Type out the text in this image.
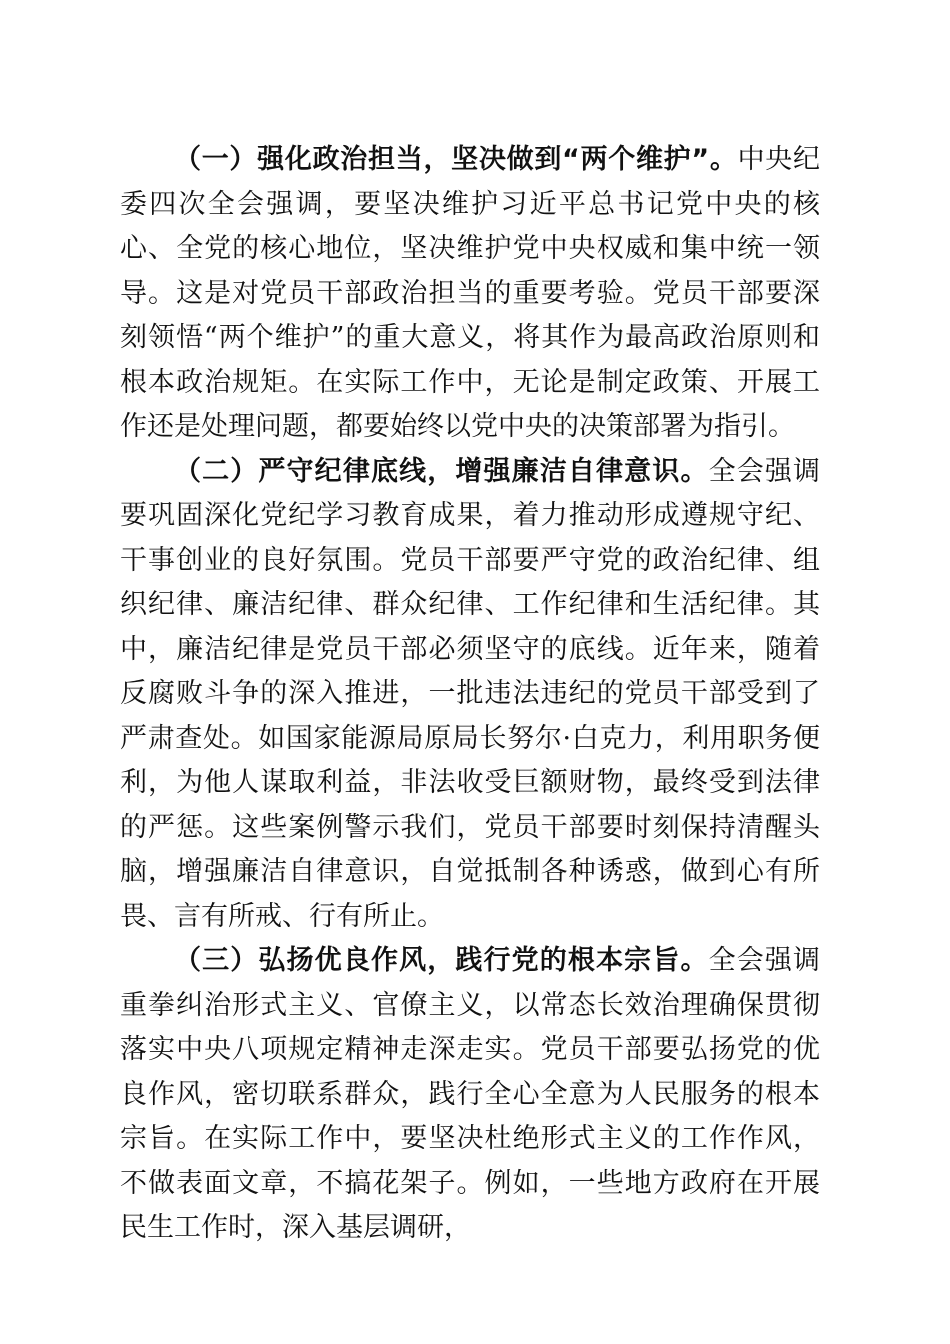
（一）强化政治担当，坚决做到“两个维护”。中央纪委四次全会强调，要坚决维护习近平总书记党中央的核心、全党的核心地位，坚决维护党中央权威和集中统一领导。这是对党员干部政治担当的重要考验。党员干部要深刻领悟“两个维护”的重大意义，将其作为最高政治原则和根本政治规矩。在实际工作中，无论是制定政策、开展工作还是处理问题，都要始终以党中央的决策部署为指引。

（二）严守纪律底线，增强廉洁自律意识。全会强调要巩固深化党纪学习教育成果，着力推动形成遵规守纪、干事创业的良好氛围。党员干部要严守党的政治纪律、组织纪律、廉洁纪律、群众纪律、工作纪律和生活纪律。其中，廉洁纪律是党员干部必须坚守的底线。近年来，随着反腐败斗争的深入推进，一批违法违纪的党员干部受到了严肃查处。如国家能源局原局长努尔·白克力，利用职务便利，为他人谋取利益，非法收受巨额财物，最终受到法律的严惩。这些案例警示我们，党员干部要时刻保持清醒头脑，增强廉洁自律意识，自觉抵制各种诱惑，做到心有所畏、言有所戒、行有所止。

（三）弘扬优良作风，践行党的根本宗旨。全会强调重拳纠治形式主义、官僚主义，以常态长效治理确保贯彻落实中央八项规定精神走深走实。党员干部要弘扬党的优良作风，密切联系群众，践行全心全意为人民服务的根本宗旨。在实际工作中，要坚决杜绝形式主义的工作作风，不做表面文章，不搞花架子。例如，一些地方政府在开展民生工作时，深入基层调研，
